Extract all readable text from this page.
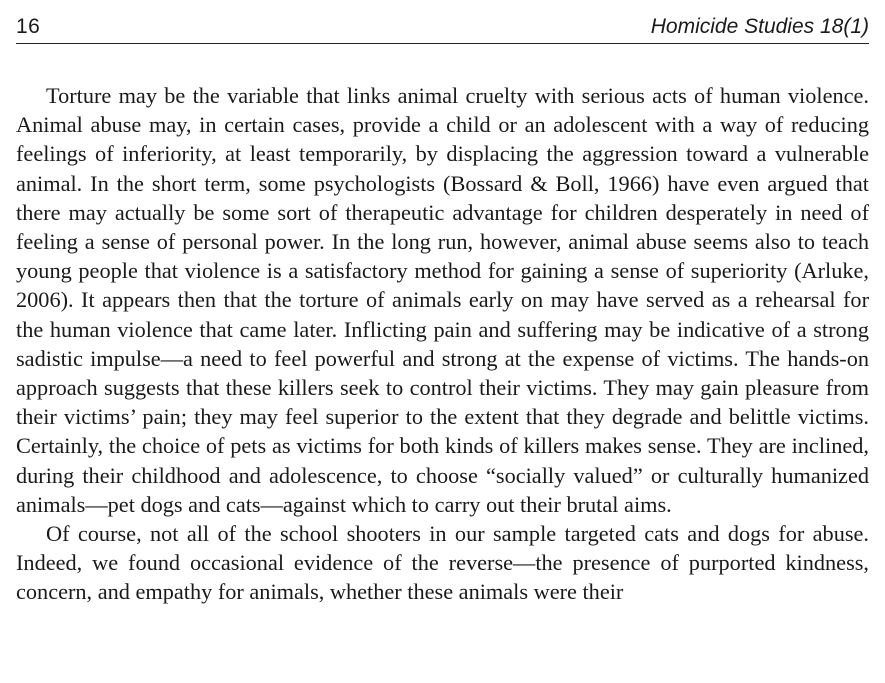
16	Homicide Studies 18(1)

Torture may be the variable that links animal cruelty with serious acts of human violence. Animal abuse may, in certain cases, provide a child or an adolescent with a way of reducing feelings of inferiority, at least temporarily, by displacing the aggression toward a vulnerable animal. In the short term, some psychologists (Bossard & Boll, 1966) have even argued that there may actually be some sort of therapeutic advantage for children desperately in need of feeling a sense of personal power. In the long run, however, animal abuse seems also to teach young people that violence is a satisfactory method for gaining a sense of superiority (Arluke, 2006). It appears then that the torture of animals early on may have served as a rehearsal for the human violence that came later. Inflicting pain and suffering may be indicative of a strong sadistic impulse—a need to feel powerful and strong at the expense of victims. The hands-on approach suggests that these killers seek to control their victims. They may gain pleasure from their victims’ pain; they may feel superior to the extent that they degrade and belittle victims. Certainly, the choice of pets as victims for both kinds of killers makes sense. They are inclined, during their childhood and adolescence, to choose “socially valued” or culturally humanized animals—pet dogs and cats—against which to carry out their brutal aims.

Of course, not all of the school shooters in our sample targeted cats and dogs for abuse. Indeed, we found occasional evidence of the reverse—the presence of purported kindness, concern, and empathy for animals, whether these animals were their
